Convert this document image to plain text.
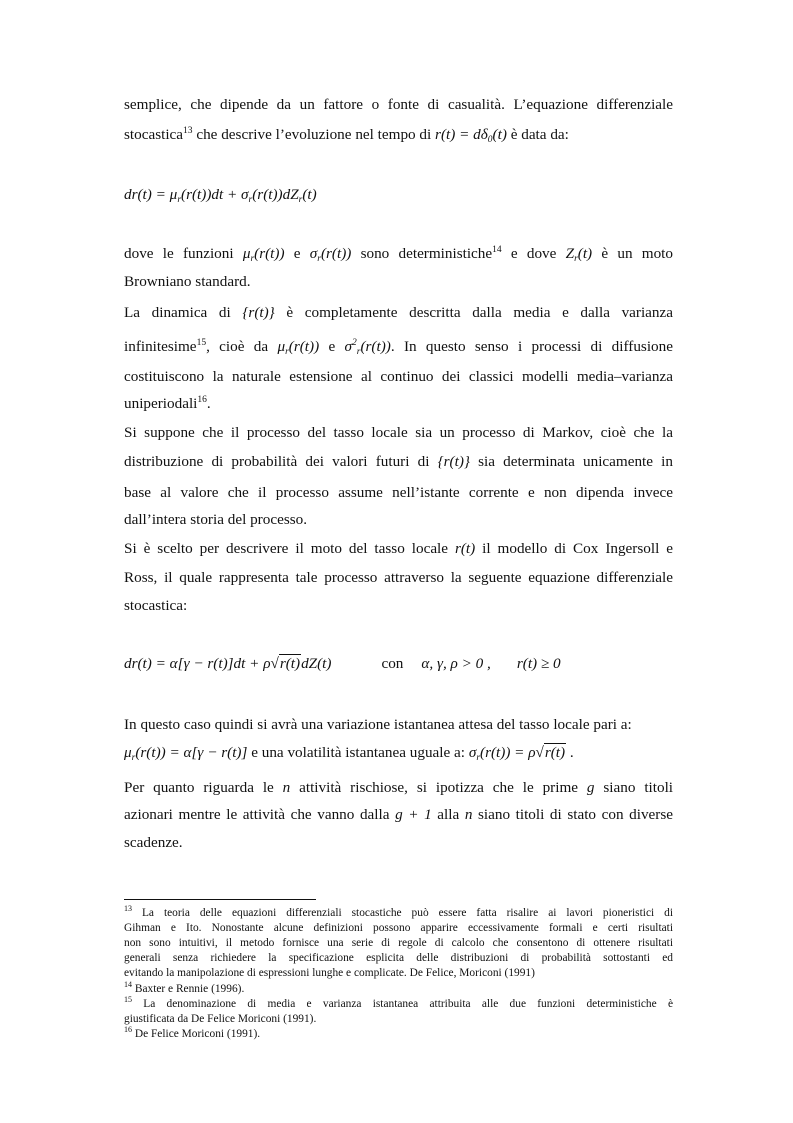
semplice, che dipende da un fattore o fonte di casualità. L’equazione differenziale
stocastica$^{13}$ che descrive l’evoluzione nel tempo di $r(t) = d\delta_0(t)$ è data da:
$dr(t) = \mu_r(r(t))dt + \sigma_r(r(t))dZ_r(t)$
dove le funzioni $\mu_r(r(t))$ e $\sigma_r(r(t))$ sono deterministiche$^{14}$ e dove $Z_r(t)$ è un moto
Browniano standard.
La dinamica di {r(t)} è completamente descritta dalla media e dalla varianza
infinitesime$^{15}$, cioè da $\mu_r(r(t))$ e $\sigma^2_r(r(t))$. In questo senso i processi di diffusione
costituiscono la naturale estensione al continuo dei classici modelli media–varianza
uniperiodali$^{16}$.
Si suppone che il processo del tasso locale sia un processo di Markov, cioè che la
distribuzione di probabilità dei valori futuri di {r(t)} sia determinata unicamente in
base al valore che il processo assume nell’istante corrente e non dipenda invece
dall’intera storia del processo.
Si è scelto per descrivere il moto del tasso locale r(t) il modello di Cox Ingersoll e
Ross, il quale rappresenta tale processo attraverso la seguente equazione differenziale
stocastica:
dr(t) = α[γ − r(t)]dt + ρ√r(t)dZ(t)	con α, γ, ρ > 0 , r(t) ≥ 0
In questo caso quindi si avrà una variazione istantanea attesa del tasso locale pari a:
$\mu_r(r(t)) = \alpha[\gamma - r(t)]$ e una volatilità istantanea uguale a: $\sigma_r(r(t)) = \rho√r(t)$ .
Per quanto riguarda le n attività rischiose, si ipotizza che le prime g siano titoli
azionari mentre le attività che vanno dalla g + 1 alla n siano titoli di stato con diverse
scadenze.
$^{13}$ La teoria delle equazioni differenziali stocastiche può essere fatta risalire ai lavori pioneristici di
Gihman e Ito. Nonostante alcune definizioni possono apparire eccessivamente formali e certi risultati
non sono intuitivi, il metodo fornisce una serie di regole di calcolo che consentono di ottenere risultati
generali senza richiedere la specificazione esplicita delle distribuzioni di probabilità sottostanti ed
evitando la manipolazione di espressioni lunghe e complicate. De Felice, Moriconi (1991)
$^{14}$ Baxter e Rennie (1996).
$^{15}$ La denominazione di media e varianza istantanea attribuita alle due funzioni deterministiche è
giustificata da De Felice Moriconi (1991).
$^{16}$ De Felice Moriconi (1991).
